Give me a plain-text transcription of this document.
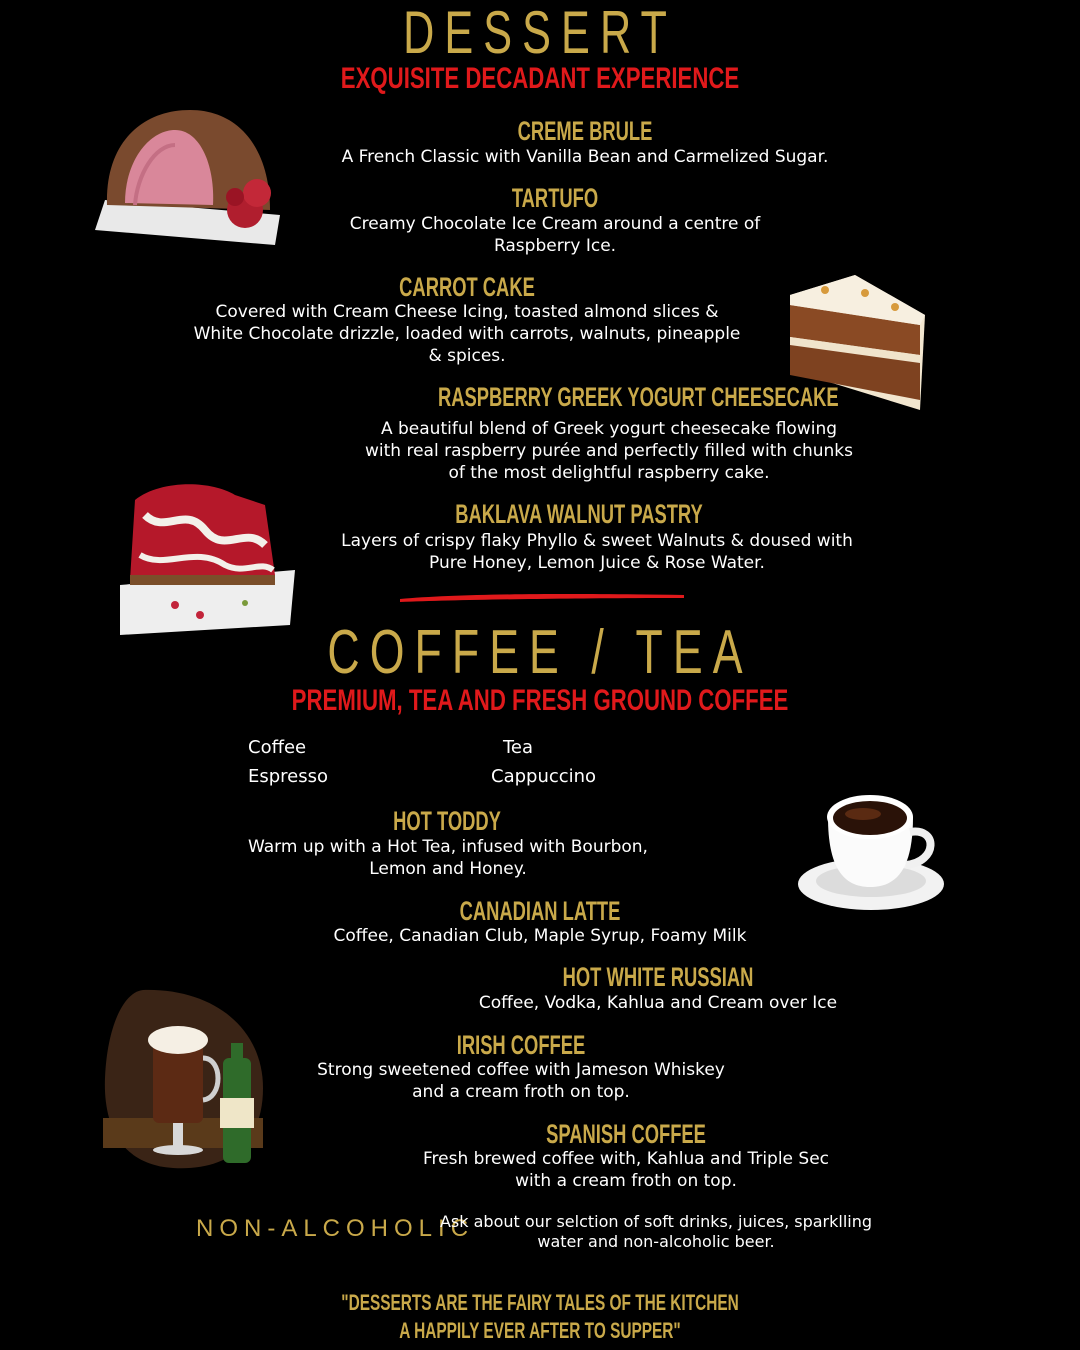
DESSERT
EXQUISITE DECADANT EXPERIENCE
CREME BRULE
A French Classic with Vanilla Bean and Carmelized Sugar.
TARTUFO
Creamy Chocolate Ice Cream around a centre of
Raspberry Ice.
CARROT CAKE
Covered with Cream Cheese Icing, toasted almond slices &
White Chocolate drizzle, loaded with carrots, walnuts, pineapple
& spices.
RASPBERRY GREEK YOGURT CHEESECAKE
A beautiful blend of Greek yogurt cheesecake flowing
with real raspberry purée and perfectly filled with chunks
of the most delightful raspberry cake.
BAKLAVA WALNUT PASTRY
Layers of crispy flaky Phyllo & sweet Walnuts & doused with
Pure Honey, Lemon Juice & Rose Water.
COFFEE / TEA
PREMIUM, TEA AND FRESH GROUND COFFEE
Coffee	Tea
Espresso	Cappuccino
HOT TODDY
Warm up with a Hot Tea, infused with Bourbon,
Lemon and Honey.
CANADIAN LATTE
Coffee, Canadian Club, Maple Syrup, Foamy Milk
HOT WHITE RUSSIAN
Coffee, Vodka, Kahlua and Cream over Ice
IRISH COFFEE
Strong sweetened coffee with Jameson Whiskey
and a cream froth on top.
SPANISH COFFEE
Fresh brewed coffee with, Kahlua and Triple Sec
with a cream froth on top.
NON-ALCOHOLIC
Ask about our selction of soft drinks, juices, sparklling
water and non-alcoholic beer.
"DESSERTS ARE THE FAIRY TALES OF THE KITCHEN
A HAPPILY EVER AFTER TO SUPPER"
